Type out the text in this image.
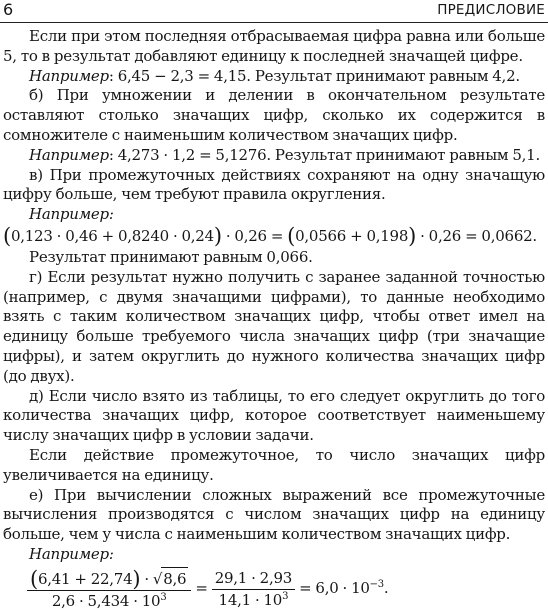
6	ПРЕДИСЛОВИЕ

Если при этом последняя отбрасываемая цифра равна или больше 5, то в результат добавляют единицу к последней значащей цифре.

Например: 6,45 − 2,3 = 4,15. Результат принимают равным 4,2.

б) При умножении и делении в окончательном результате оставляют столько значащих цифр, сколько их содержится в сомножителе с наименьшим количеством значащих цифр.

Например: 4,273 · 1,2 = 5,1276. Результат принимают равным 5,1.

в) При промежуточных действиях сохраняют на одну значащую цифру больше, чем требуют правила округления.

Например:

(0,123 · 0,46 + 0,8240 · 0,24) · 0,26 = (0,0566 + 0,198) · 0,26 = 0,0662.

Результат принимают равным 0,066.

г) Если результат нужно получить с заранее заданной точностью (например, с двумя значащими цифрами), то данные необходимо взять с таким количеством значащих цифр, чтобы ответ имел на единицу больше требуемого числа значащих цифр (три значащие цифры), и затем округлить до нужного количества значащих цифр (до двух).

д) Если число взято из таблицы, то его следует округлить до того количества значащих цифр, которое соответствует наименьшему числу значащих цифр в условии задачи.

Если действие промежуточное, то число значащих цифр увеличивается на единицу.

е) При вычислении сложных выражений все промежуточные вычисления производятся с числом значащих цифр на единицу больше, чем у числа с наименьшим количеством значащих цифр.

Например:

$\frac{(6,41 + 22,74) \cdot √8,6}{2,6 \cdot 5,434 \cdot 10^3} = \frac{29,1 \cdot 2,93}{14,1 \cdot 10^3} = 6,0 \cdot 10^{-3}$.
